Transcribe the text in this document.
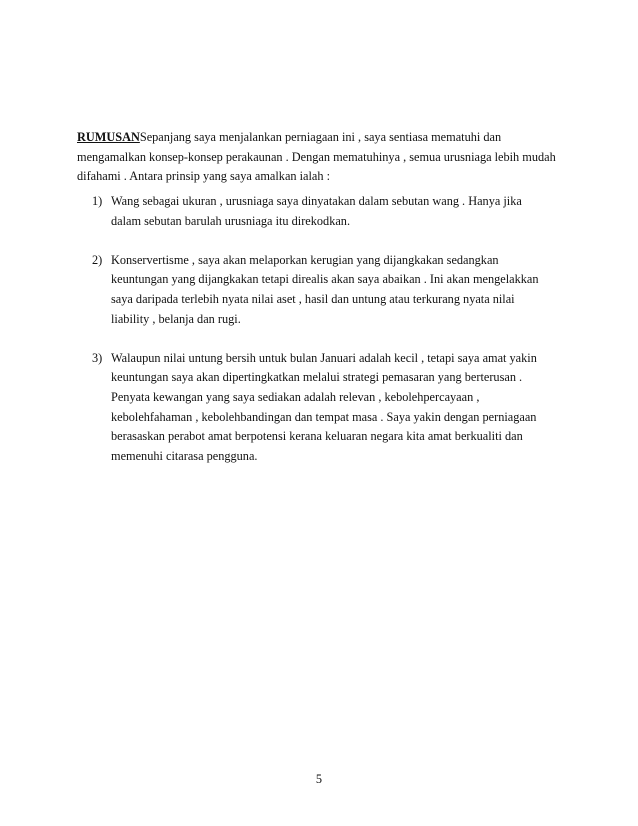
RUMUSANSepanjang saya menjalankan perniagaan ini , saya sentiasa mematuhi dan mengamalkan konsep-konsep perakaunan . Dengan mematuhinya , semua urusniaga lebih mudah difahami . Antara prinsip yang saya amalkan ialah :

1) Wang sebagai ukuran , urusniaga saya dinyatakan dalam sebutan wang . Hanya jika dalam sebutan barulah urusniaga itu direkodkan.
2) Konservertisme , saya akan melaporkan kerugian yang dijangkakan sedangkan keuntungan yang dijangkakan tetapi direalis akan saya abaikan . Ini akan mengelakkan saya daripada terlebih nyata nilai aset , hasil dan untung atau terkurang nyata nilai liability , belanja dan rugi.
3) Walaupun nilai untung bersih untuk bulan Januari adalah kecil , tetapi saya amat yakin keuntungan saya akan dipertingkatkan melalui strategi pemasaran yang berterusan . Penyata kewangan yang saya sediakan adalah relevan , kebolehpercayaan , kebolehfahaman , kebolehbandingan dan tempat masa . Saya yakin dengan perniagaan berasaskan perabot amat berpotensi kerana keluaran negara kita amat berkualiti dan memenuhi citarasa pengguna.
5
